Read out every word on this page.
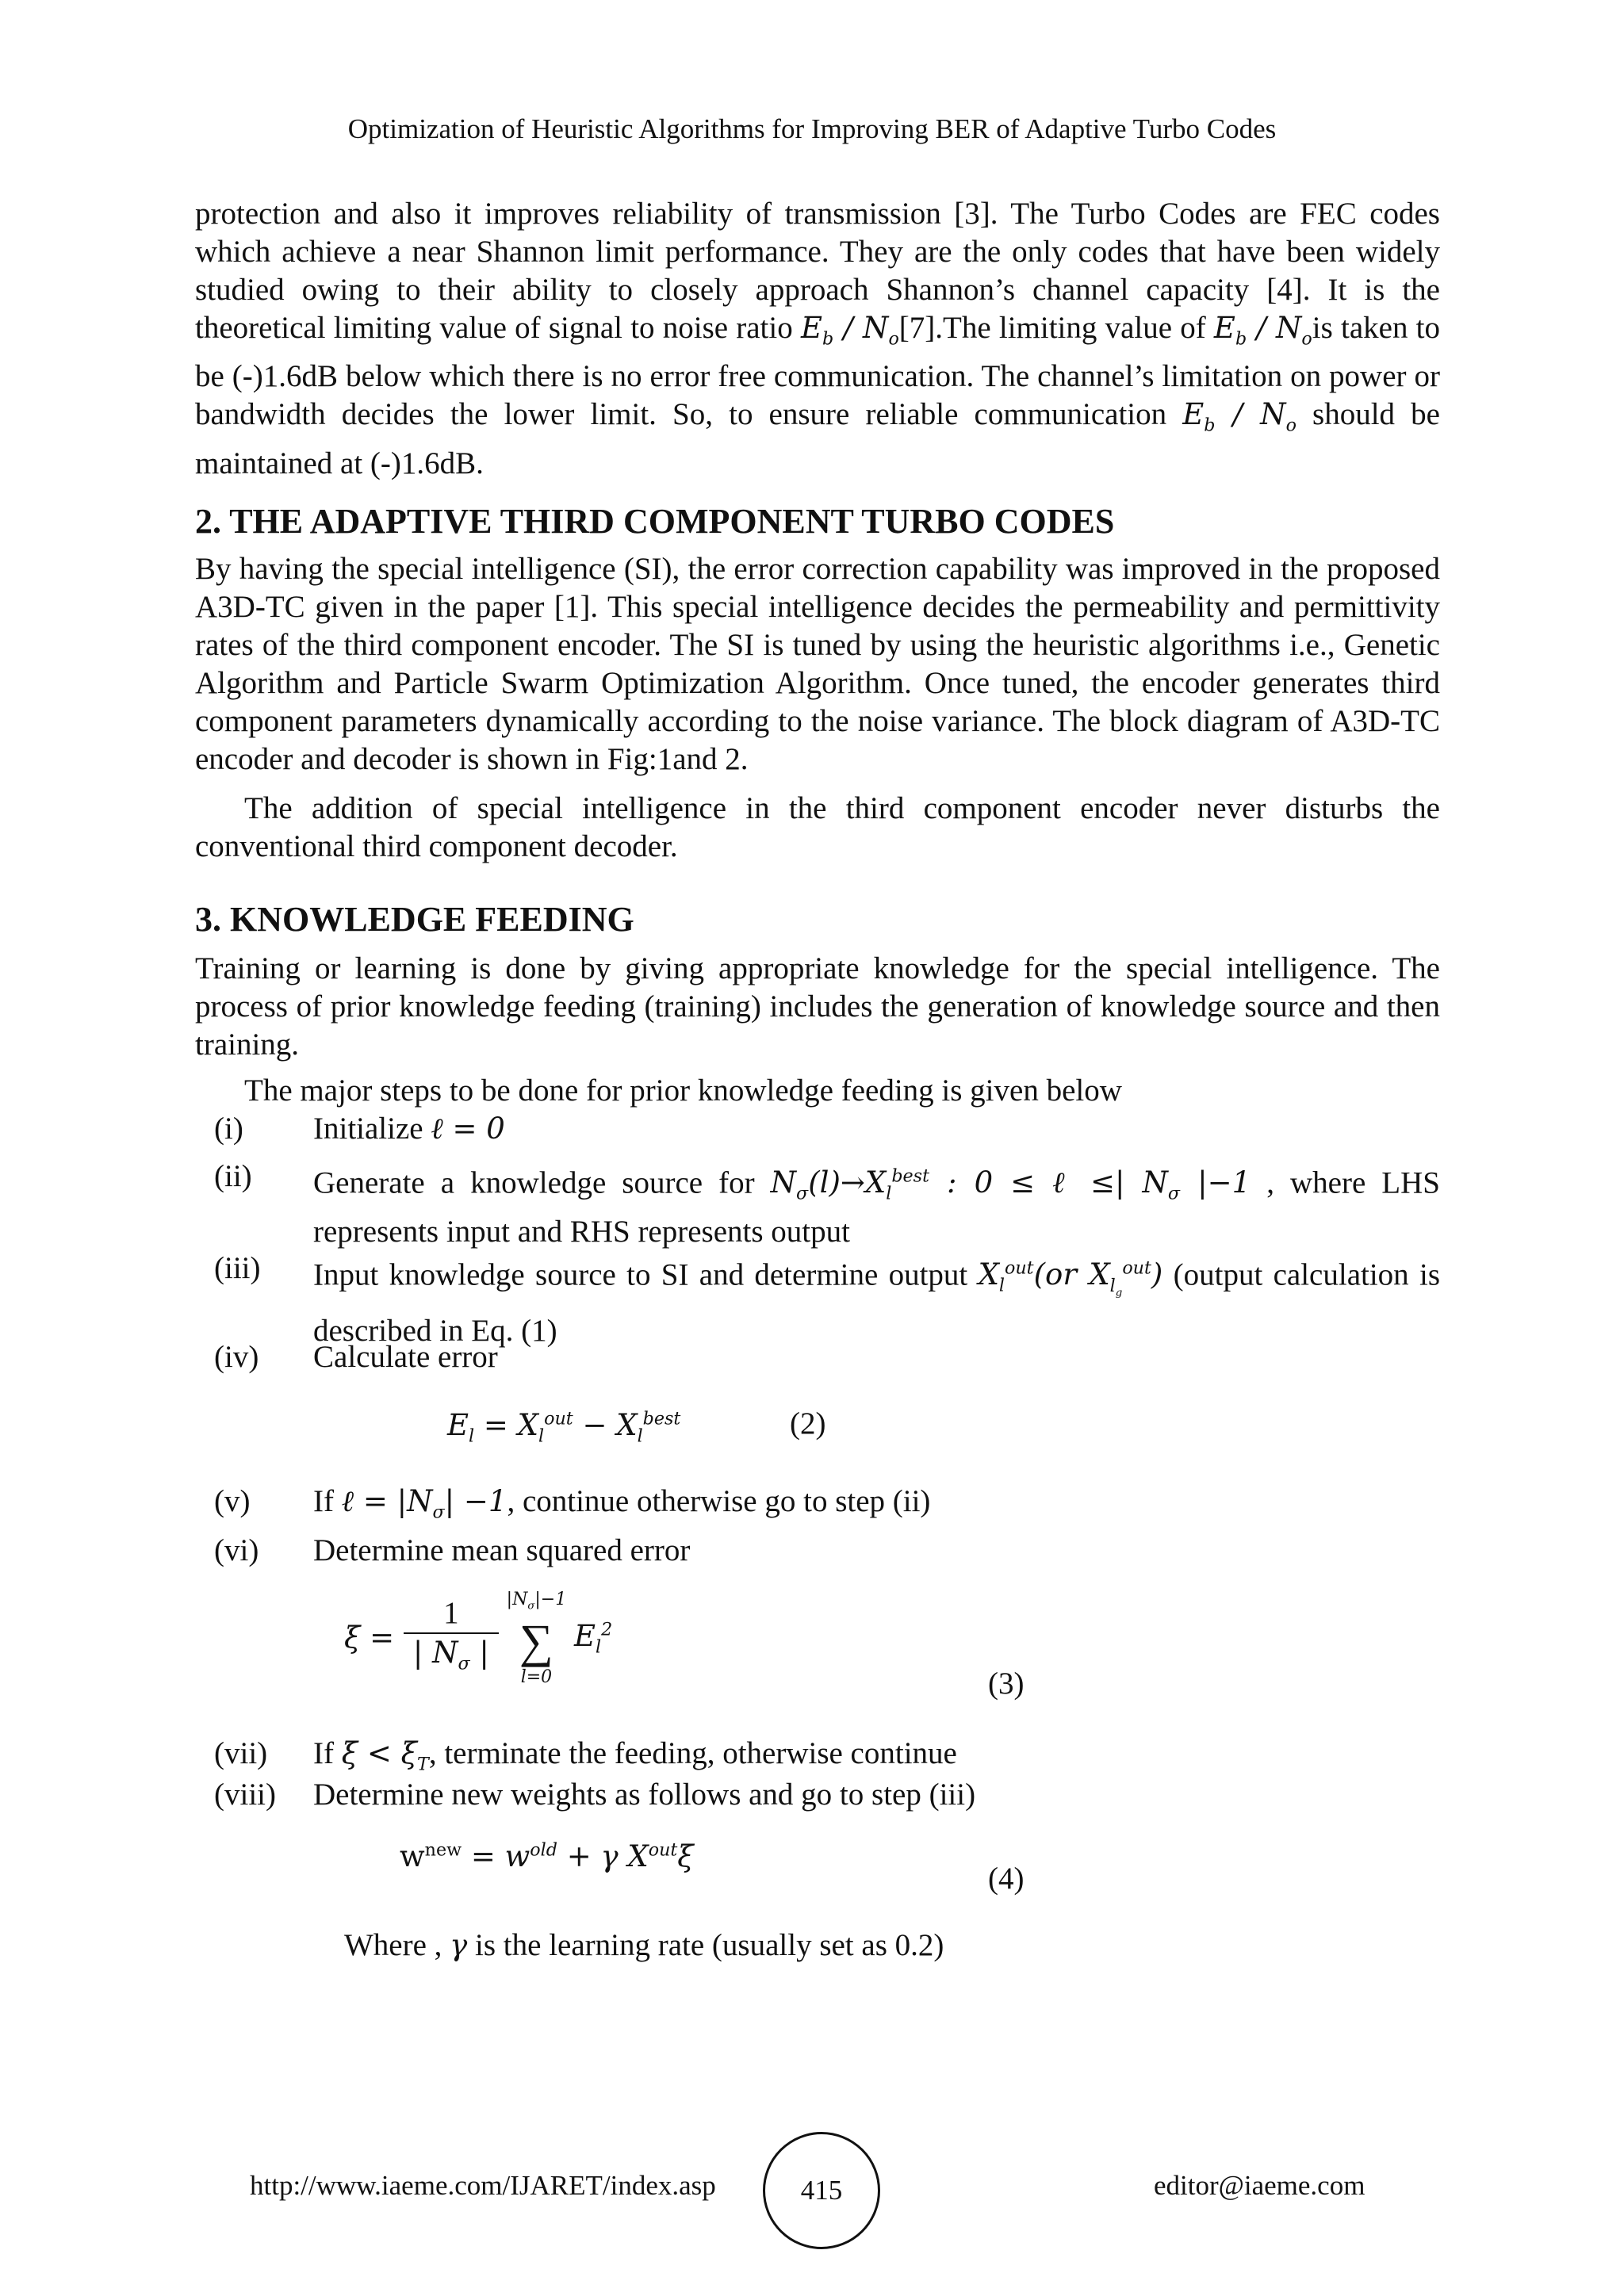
Optimization of Heuristic Algorithms for Improving BER of Adaptive Turbo Codes

protection and also it improves reliability of transmission [3]. The Turbo Codes are FEC codes which achieve a near Shannon limit performance. They are the only codes that have been widely studied owing to their ability to closely approach Shannon’s channel capacity [4]. It is the theoretical limiting value of signal to noise ratio $E_b / N_o[7].The$ limiting value of $E_b / N_ois$ taken to be (-)1.6dB below which there is no error free communication. The channel’s limitation on power or bandwidth decides the lower limit. So, to ensure reliable communication $E_b / N_o$ should be maintained at (-)1.6dB.

2. THE ADAPTIVE THIRD COMPONENT TURBO CODES

By having the special intelligence (SI), the error correction capability was improved in the proposed A3D-TC given in the paper [1]. This special intelligence decides the permeability and permittivity rates of the third component encoder. The SI is tuned by using the heuristic algorithms i.e., Genetic Algorithm and Particle Swarm Optimization Algorithm. Once tuned, the encoder generates third component parameters dynamically according to the noise variance. The block diagram of A3D-TC encoder and decoder is shown in Fig:1and 2.

The addition of special intelligence in the third component encoder never disturbs the conventional third component decoder.

3. KNOWLEDGE FEEDING

Training or learning is done by giving appropriate knowledge for the special intelligence. The process of prior knowledge feeding (training) includes the generation of knowledge source and then training.

The major steps to be done for prior knowledge feeding is given below

(i) Initialize ℓ = 0
(ii) Generate a knowledge source for $N_\sigma(l)\to X_l^{best}$ : 0 ≤ ℓ ≤| $N_\sigma$ |−1 , where LHS represents input and RHS represents output
(iii) Input knowledge source to SI and determine output $X_l^{out}(or$ $X_{l_g}^{out}$) (output calculation is described in Eq. (1)
(iv) Calculate error
$E_l = X_l^{out} - X_l^{best}$	(2)
(v) If ℓ = $|N_\sigma| -1$, continue otherwise go to step (ii)
(vi) Determine mean squared error
$\xi = \frac{1}{| N_\sigma |} |N_\sigma|-1$
∑
l=0 $E_l^2$
(3)
(vii) If $\xi < \xi_T$, terminate the feeding, otherwise continue
(viii) Determine new weights as follows and go to step (iii)
$w^{new} = w^{old} + \gamma$ $X^{out}\xi$
(4)
Where , γ is the learning rate (usually set as 0.2)
http://www.iaeme.com/IJARET/index.asp	415	editor@iaeme.com
